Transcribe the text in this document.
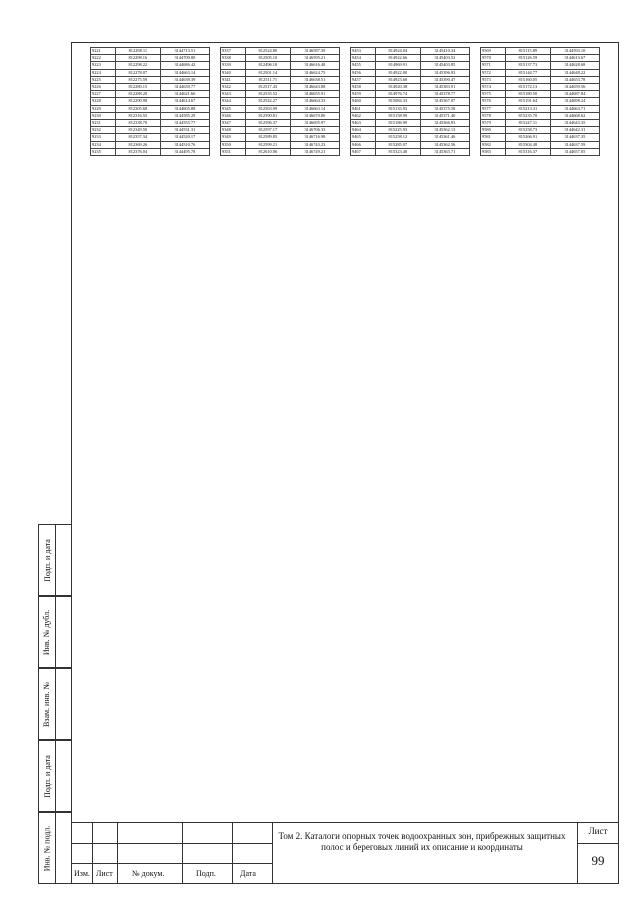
9221	812298.11	3144713.51
9222	812298.16	3144709.80
9223	812298.22	3144686.42
9224	812278.07	3144663.14
9225	812275.59	3144639.39
9226	812280.15	3144639.77
9227	812288.20	3144621.66
9228	812290.98	3144614.67
9229	812305.68	3144605.88
9230	812316.55	3144585.29
9231	812338.70	3144555.77
9232	812349.50	3144531.31
9233	812357.34	3144520.17
9234	812369.26	3144510.76
9235	812376.04	3144495.78
9337	812524.80	3146587.39
9338	812505.10	3146595.21
9339	812496.18	3146616.48
9340	812501.14	3146624.75
9341	812511.71	3146638.51
9342	812517.43	3146643.88
9343	812535.52	3146655.91
9344	812542.27	3146664.33
9345	812563.99	3146663.14
9346	812590.81	3146670.80
9347	812596.37	3146695.97
9348	812597.17	3146706.33
9349	812589.85	3146716.98
9350	812599.21	3146743.23
9351	812610.06	3146749.21
9453	814924.04	3145410.34
9454	814922.66	3145403.52
9455	814969.91	3145403.85
9456	814922.00	3145396.93
9457	814923.60	3145390.47
9458	814920.38	3145383.91
9459	814976.74	3145378.77
9460	815084.33	3145367.07
9461	815135.93	3145375.58
9462	815158.99	3145371.40
9463	815186.99	3145366.93
9464	815225.93	3145362.13
9465	815258.12	3145361.46
9466	815285.97	3145362.56
9467	815323.40	3145363.71
9569	815115.89	3144593.10
9570	815126.59	3144613.67
9571	815137.73	3144628.68
9572	815144.77	3144648.22
9573	815160.05	3144653.78
9574	815172.13	3144659.56
9575	815180.50	3144687.84
9576	815191.64	3144698.24
9577	815213.31	3144663.71
9578	815235.70	3144668.62
9579	815247.11	3144643.35
9580	815258.73	3144642.31
9581	815266.91	3144637.35
9582	815304.48	3144637.59
9583	815316.37	3144657.05
Изм. Лист № докум.	Подп.	Дата
Том 2. Каталоги опорных точек водоохранных зон, прибрежных защитных полос и береговых линий их описание и координаты
Лист
99
Подп. и дата
Инв. № дубл.
Взам. инв. №
Подп. и дата
Инв. № подл.
